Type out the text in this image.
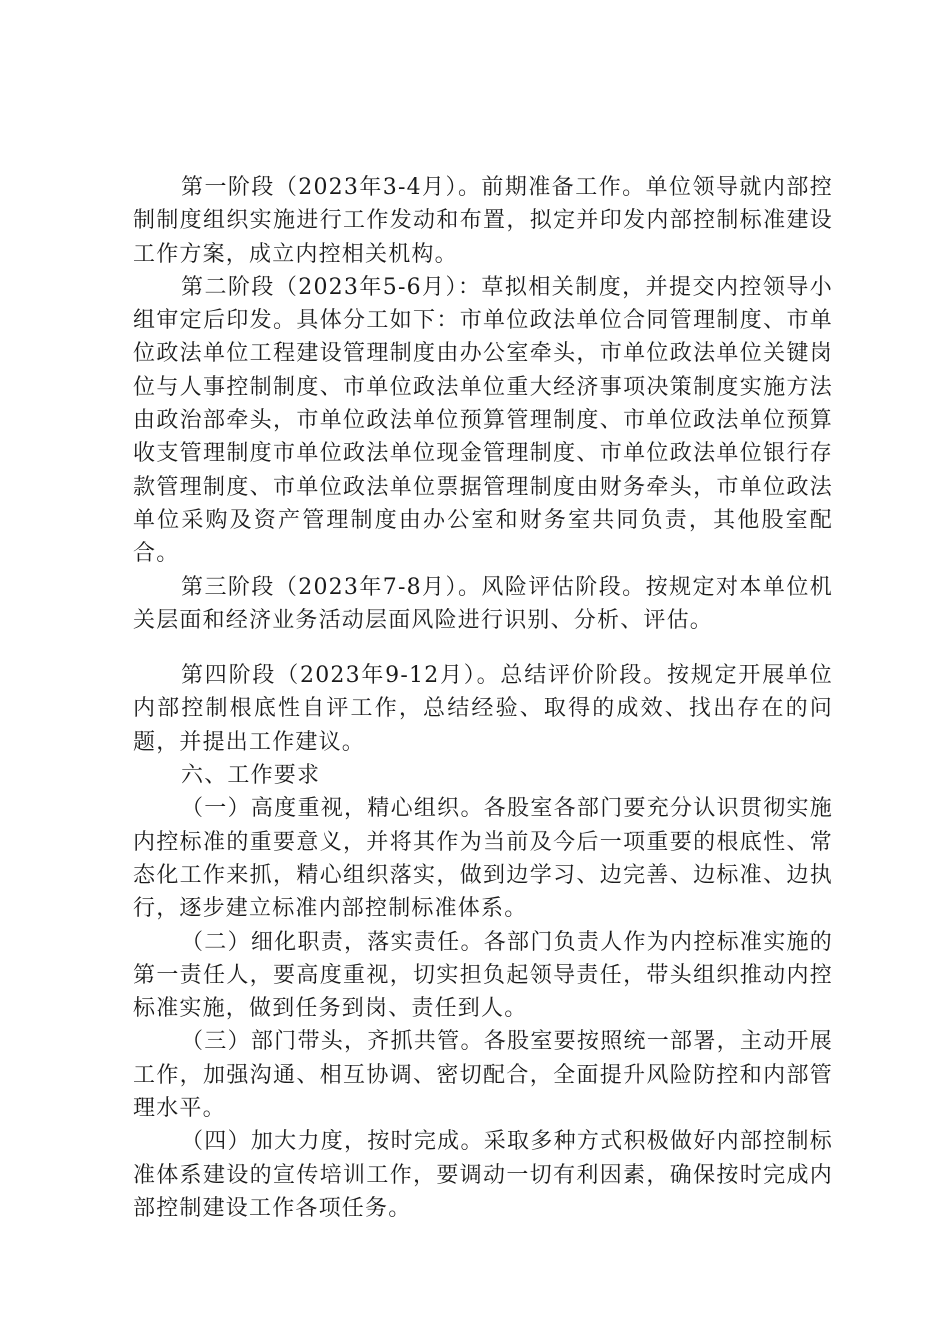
第一阶段（2023年3-4月）。前期准备工作。单位领导就内部控制制度组织实施进行工作发动和布置，拟定并印发内部控制标准建设工作方案，成立内控相关机构。

第二阶段（2023年5-6月）：草拟相关制度，并提交内控领导小组审定后印发。具体分工如下：市单位政法单位合同管理制度、市单位政法单位工程建设管理制度由办公室牵头，市单位政法单位关键岗位与人事控制制度、市单位政法单位重大经济事项决策制度实施方法由政治部牵头，市单位政法单位预算管理制度、市单位政法单位预算收支管理制度市单位政法单位现金管理制度、市单位政法单位银行存款管理制度、市单位政法单位票据管理制度由财务牵头，市单位政法单位采购及资产管理制度由办公室和财务室共同负责，其他股室配合。

第三阶段（2023年7-8月）。风险评估阶段。按规定对本单位机关层面和经济业务活动层面风险进行识别、分析、评估。

第四阶段（2023年9-12月）。总结评价阶段。按规定开展单位内部控制根底性自评工作，总结经验、取得的成效、找出存在的问题，并提出工作建议。

六、工作要求

（一）高度重视，精心组织。各股室各部门要充分认识贯彻实施内控标准的重要意义，并将其作为当前及今后一项重要的根底性、常态化工作来抓，精心组织落实，做到边学习、边完善、边标准、边执行，逐步建立标准内部控制标准体系。

（二）细化职责，落实责任。各部门负责人作为内控标准实施的第一责任人，要高度重视，切实担负起领导责任，带头组织推动内控标准实施，做到任务到岗、责任到人。

（三）部门带头，齐抓共管。各股室要按照统一部署，主动开展工作，加强沟通、相互协调、密切配合，全面提升风险防控和内部管理水平。

（四）加大力度，按时完成。采取多种方式积极做好内部控制标准体系建设的宣传培训工作，要调动一切有利因素，确保按时完成内部控制建设工作各项任务。
